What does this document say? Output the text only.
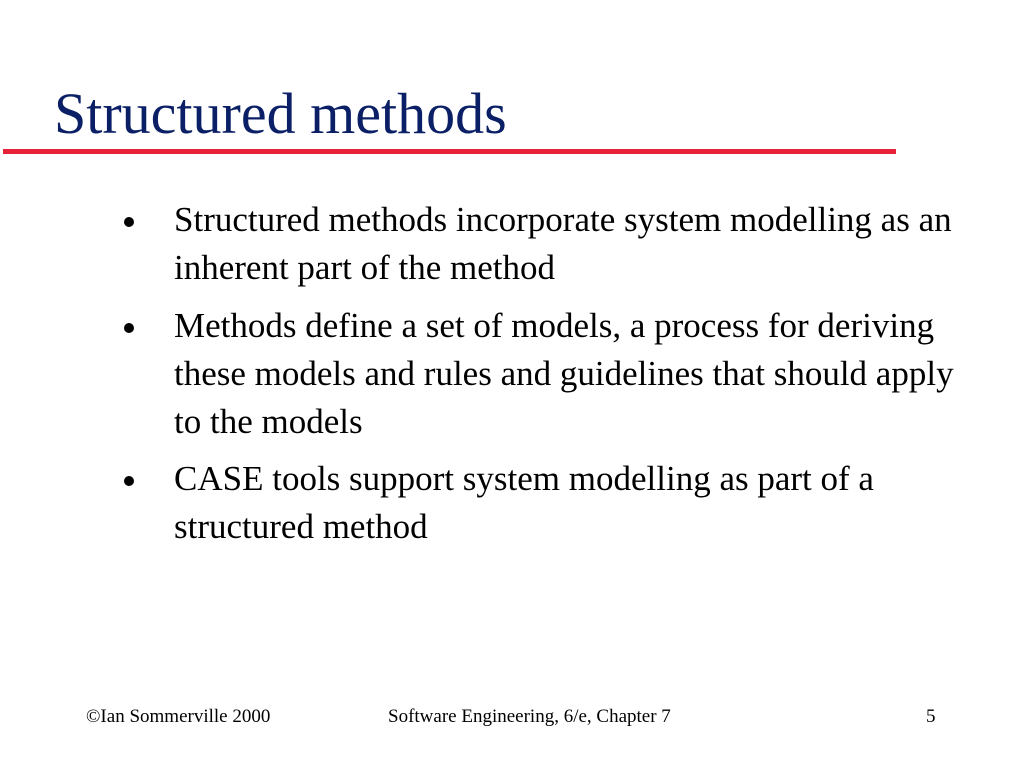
Structured methods
Structured methods incorporate system modelling as an inherent part of the method
Methods define a set of models, a process for deriving these models and rules and guidelines that should apply to the models
CASE tools support system modelling as part of a structured method
©Ian Sommerville 2000	Software Engineering, 6/e, Chapter 7	5
